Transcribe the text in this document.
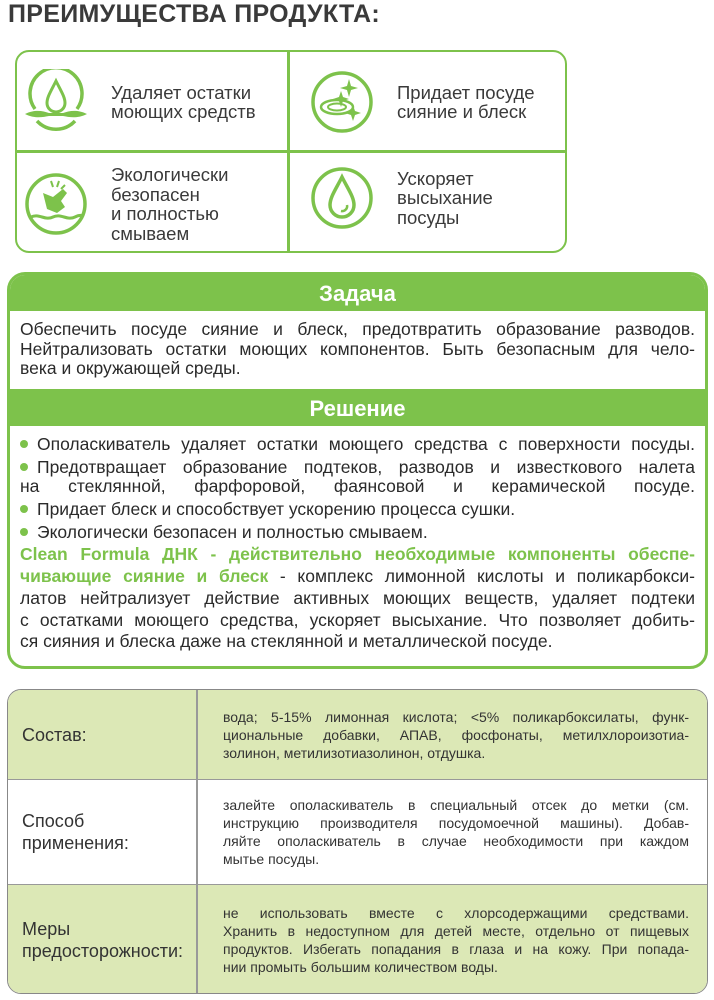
ПРЕИМУЩЕСТВА ПРОДУКТА:
Удаляет остатки
моющих средств
Придает посуде
сияние и блеск
Экологически
безопасен
и полностью
смываем
Ускоряет
высыхание
посуды
Задача
Обеспечить посуде сияние и блеск, предотвратить образование разводов.
Нейтрализовать остатки моющих компонентов. Быть безопасным для чело-
века и окружающей среды.
Решение
Ополаскиватель удаляет остатки моющего средства с поверхности посуды.
Предотвращает образование подтеков, разводов и известкового налета
на стеклянной, фарфоровой, фаянсовой и керамической посуде.
Придает блеск и способствует ускорению процесса сушки.
Экологически безопасен и полностью смываем.
Clean Formula ДНК - действительно необходимые компоненты обеспе-
чивающие сияние и блеск - комплекс лимонной кислоты и поликарбокси-
латов нейтрализует действие активных моющих веществ, удаляет подтеки
с остатками моющего средства, ускоряет высыхание. Что позволяет добить-
ся сияния и блеска даже на стеклянной и металлической посуде.
Состав:
вода; 5-15% лимонная кислота; <5% поликарбоксилаты, функ-
циональные добавки, АПАВ, фосфонаты, метилхлороизотиа-
золинон, метилизотиазолинон, отдушка.
Способ применения:
залейте ополаскиватель в специальный отсек до метки (см.
инструкцию производителя посудомоечной машины). Добав-
ляйте ополаскиватель в случае необходимости при каждом
мытье посуды.
Меры предосторожности:
не использовать вместе с хлорсодержащими средствами.
Хранить в недоступном для детей месте, отдельно от пищевых
продуктов. Избегать попадания в глаза и на кожу. При попада-
нии промыть большим количеством воды.
